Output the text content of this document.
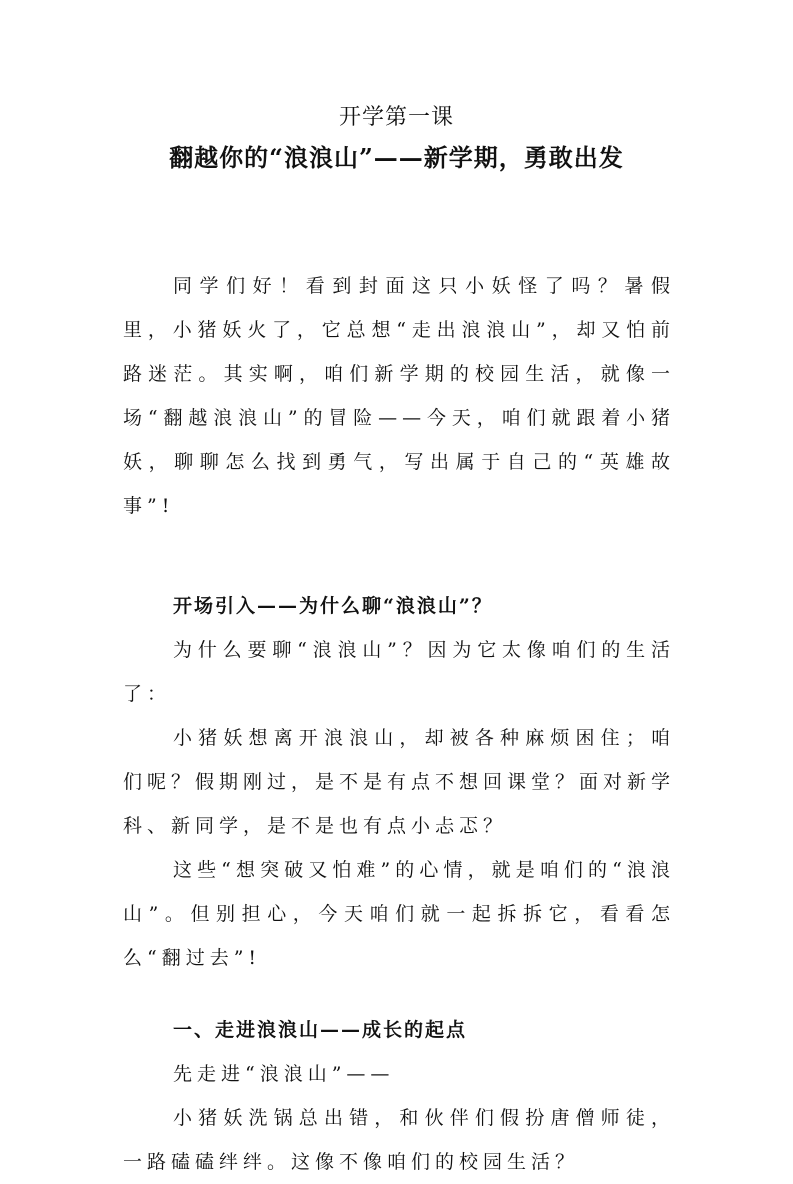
开学第一课
翻越你的“浪浪山”——新学期，勇敢出发

同学们好！看到封面这只小妖怪了吗？暑假里，小猪妖火了，它总想“走出浪浪山”，却又怕前路迷茫。其实啊，咱们新学期的校园生活，就像一场“翻越浪浪山”的冒险——今天，咱们就跟着小猪妖，聊聊怎么找到勇气，写出属于自己的“英雄故事”!

开场引入——为什么聊“浪浪山”？

为什么要聊“浪浪山”？因为它太像咱们的生活了：

小猪妖想离开浪浪山，却被各种麻烦困住；咱们呢？假期刚过，是不是有点不想回课堂？面对新学科、新同学，是不是也有点小忐忑？

这些“想突破又怕难”的心情，就是咱们的“浪浪山”。但别担心，今天咱们就一起拆拆它，看看怎么“翻过去”!

一、走进浪浪山——成长的起点

先走进“浪浪山”——

小猪妖洗锅总出错，和伙伴们假扮唐僧师徒，一路磕磕绊绊。这像不像咱们的校园生活？
